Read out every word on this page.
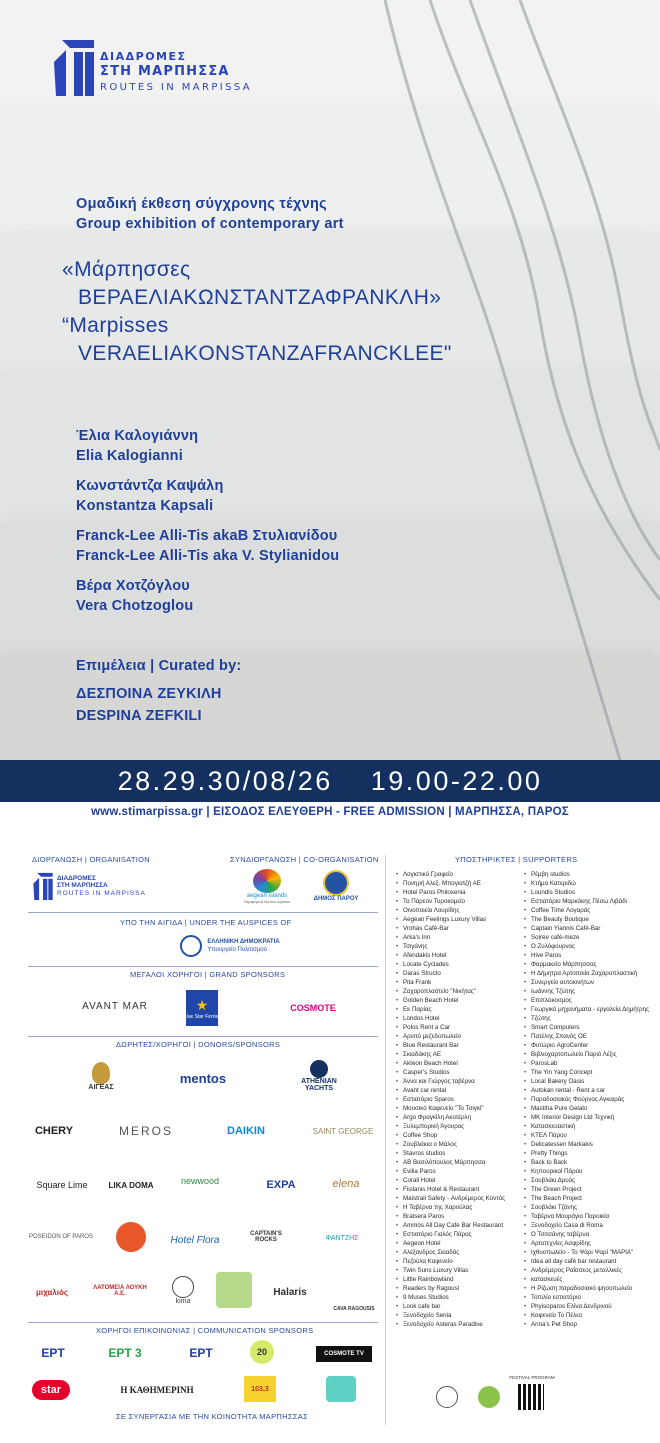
ΔΙΑΔΡΟΜΕΣ
ΣΤΗ ΜΑΡΠΗΣΣΑ
ROUTES IN MARPISSA
Ομαδική έκθεση σύγχρονης τέχνης
Group exhibition of contemporary art
«Μάρπησσες
ΒΕΡΑΕΛΙΑΚΩΝΣΤΑΝΤΖΑΦΡΑΝΚΛΗ»
“Marpisses
VERAELIAKONSTANZAFRANCKLEE"
Έλια Καλογιάννη
Elia Kalogianni
Κωνστάντζα Καψάλη
Konstantza Kapsali
Franck-Lee Alli-Tis akaB Στυλιανίδου
Franck-Lee Alli-Tis aka V. Stylianidou
Βέρα Χοτζόγλου
Vera Chotzoglou
Επιμέλεια | Curated by:
ΔΕΣΠΟΙΝΑ ΖΕΥΚΙΛΗ
DESPINA ZEFKILI
28.29.30/08/26 19.00-22.00
www.stimarpissa.gr | ΕΙΣΟΔΟΣ ΕΛΕΥΘΕΡΗ - FREE ADMISSION | ΜΑΡΠΗΣΣΑ, ΠΑΡΟΣ
ΔΙΟΡΓΑΝΩΣΗ | ORGANISATION	ΣΥΝΔΙΟΡΓΑΝΩΣΗ | CO-ORGANISATION	ΥΠΟΣΤΗΡΙΚΤΕΣ | SUPPORTERS
ΔΙΑΔΡΟΜΕΣ
ΣΤΗ ΜΑΡΠΗΣΣΑ
ROUTES IN MARPISSA	aegean islands
Περιφέρεια Νοτίου Αιγαίου	ΔΗΜΟΣ ΠΑΡΟΥ
ΥΠΟ ΤΗΝ ΑΙΓΙΔΑ | UNDER THE AUSPICES OF
ΕΛΛΗΝΙΚΗ ΔΗΜΟΚΡΑΤΙΑ
Υπουργείο Πολιτισμού
ΜΕΓΑΛΟΙ ΧΟΡΗΓΟΙ | GRAND SPONSORS
AVANT MAR	★
Blue Star Ferries
COSMOTE
ΔΩΡΗΤΕΣ/ΧΟΡΗΓΟΙ | DONORS/SPONSORS
ΑΙΓΕΑΣ
mentos	ATHENIAN YACHTS
CHERY	MEROS	DAIKIN	SAINT GEORGE
Square Lime	LIKA DOMA	newwood	EXPA	elena
POSEIDON OF PAROS	Hotel Flora
CAPTAIN'S ROCKS	ΦΑΝΤΖΗΣ
μιχαλιός	ΛΑΤΟΜΕΙΑ ΛΟΥΚΗ Α.Ε.
kima
Halaris
CAVA RAGOUSIS
ΧΟΡΗΓΟΙ ΕΠΙΚΟΙΝΩΝΙΑΣ | COMMUNICATION SPONSORS
ΕΡΤ	ΕΡΤ 3	ΕΡΤ	20	COSMOTE TV
star	Η ΚΑΘΗΜΕΡΙΝΗ	103,3
ΣΕ ΣΥΝΕΡΓΑΣΙΑ ΜΕ ΤΗΝ ΚΟΙΝΟΤΗΤΑ ΜΑΡΠΗΣΣΑΣ
• Λογιστικό Γραφείο
• Πονηρή Αλεξ. Μπογιατζή ΑΕ
• Hotel Paros Philoxenia
• Το Πάρεον Τυροκομείο
• Οινοποιεία Λουρίδης
• Aegean Feelings Luxury Villas
• Vrohas Café-Bar
• Arka's Inn
• Τσιγάνης
• Afendakis Hotel
• Locate Cyclades
• Daras Structo
• Pita Frank
• Ζαχαροπλαστείο "Νικήτας"
• Golden Beach Hotel
• Εκ Παρίας
• Londos Hotel
• Polos Rent a Car
• Αρνιτό μεζεδοπωλείο
• Blue Restaurant Bar
• Σκιαδάκης ΑΕ
• Akteon Beach Hotel
• Casper's Studios
• Άννα και Γιώργος ταβέρνα
• Avant car rental
• Εστιατόριο Sparos
• Μουσικό Καφενείο "Το Τσιγκί"
• Argo Φραγκίλη Ακοτέρλη
• Ξυλεμπορική Άγουρος
• Coffee Shop
• Ζουβλάκια ο Μάλος
• Stavros studios
• ΑΒ Βασιλόπουλος Μάρπησσα
• Evilia Paros
• Corali Hotel
• Fisilanis Hotel & Restaurant
• Maistrali Safety - Ανδρέμερος Κοντός
• Η Ταβέρνα της Χαρούλας
• Bratsera Paros
• Ammos All Day Cafe Bar Restaurant
• Εστιατόριο Γιαλός Πάρος
• Aegeon Hotel
• Αλέξανδρος Σκιαδάς
• Πεζούλα Καφενείο
• Twin Suns Luxury Villas
• Little Rainbowland
• Readers by Ragousi
• 9 Muses Studios
• Look cafe bar
• Ξενοδοχείο Senia
• Ξενοδοχείο Asteras Paradise
• Ρέμβη studios
• Κτήμα Κατεριδώ
• Loundis Studios
• Εστιατόριο Μαρκάκης Πέσω Λιβάδι
• Coffee Time Λογαράς
• The Beauty Boutique
• Captain Yiannis Café-Bar
• Soirée café-meze
• Ο Ζυλόφουρνος
• Hive Paros
• Φαρμακείο Μάρπησσας
• Η Δήμητρα Αρτοποιία Ζαχαροπλαστική
• Συνεργείο αυτοκινήτων
• Ιωάννης Τζώτης
• Επιπλόκοσμος
• Γεωργικό μηχανήματα - εργαλεία Δημήτρης
• Τζώτης
• Smart Computers
• Πατέλης Σπανός ΟΕ
• Φυτώριο AgroCenter
• Βιβλιοχαρτοπωλείο Παριό Λέξις
• ParosLab
• The Yin Yang Concept
• Local Bakery Oasis
• Autokan rental - Rent a car
• Παραδοσιακός Φούρνος Αγκαιράς
• Mastiha Pure Gelato
• MK Interior Design Ltd Τεχνική
• Κατασκευαστική
• ΚΤΕΛ Πάρου
• Delicatessen Markakis
• Pretty Things
• Back to Back
• Κηπουρικοί Πάρου
• Σουβλάκι Δρυός
• The Green Project
• The Beach Project
• Σουβλάκι Τζάνης
• Ταβέρνα Μουράγιο Παροικία
• Ξενοδοχείο Casa di Roma
• Ο Τσιτσάνης ταβέρνα
• Αρτοτεχνίες Ασφρίδης
• Ιχθυοπωλείο - Το Ψάρι Ψαρί "ΜΑΡΙΑ"
• Idea all day café bar restaurant
• Ανδρέμερος Ραΐσσεος μεταλλικές
• κατασκευές
• Η Ρίζωση παραδοσιακό ψησοπωλείο
• Τοπιλίο εστιατόριο
• Phyisoparos Ελίνα Δενδρινού
• Καφενείο Το Πέλεο
• Anna's Pet Shop
FESTIVAL PROGRAM
